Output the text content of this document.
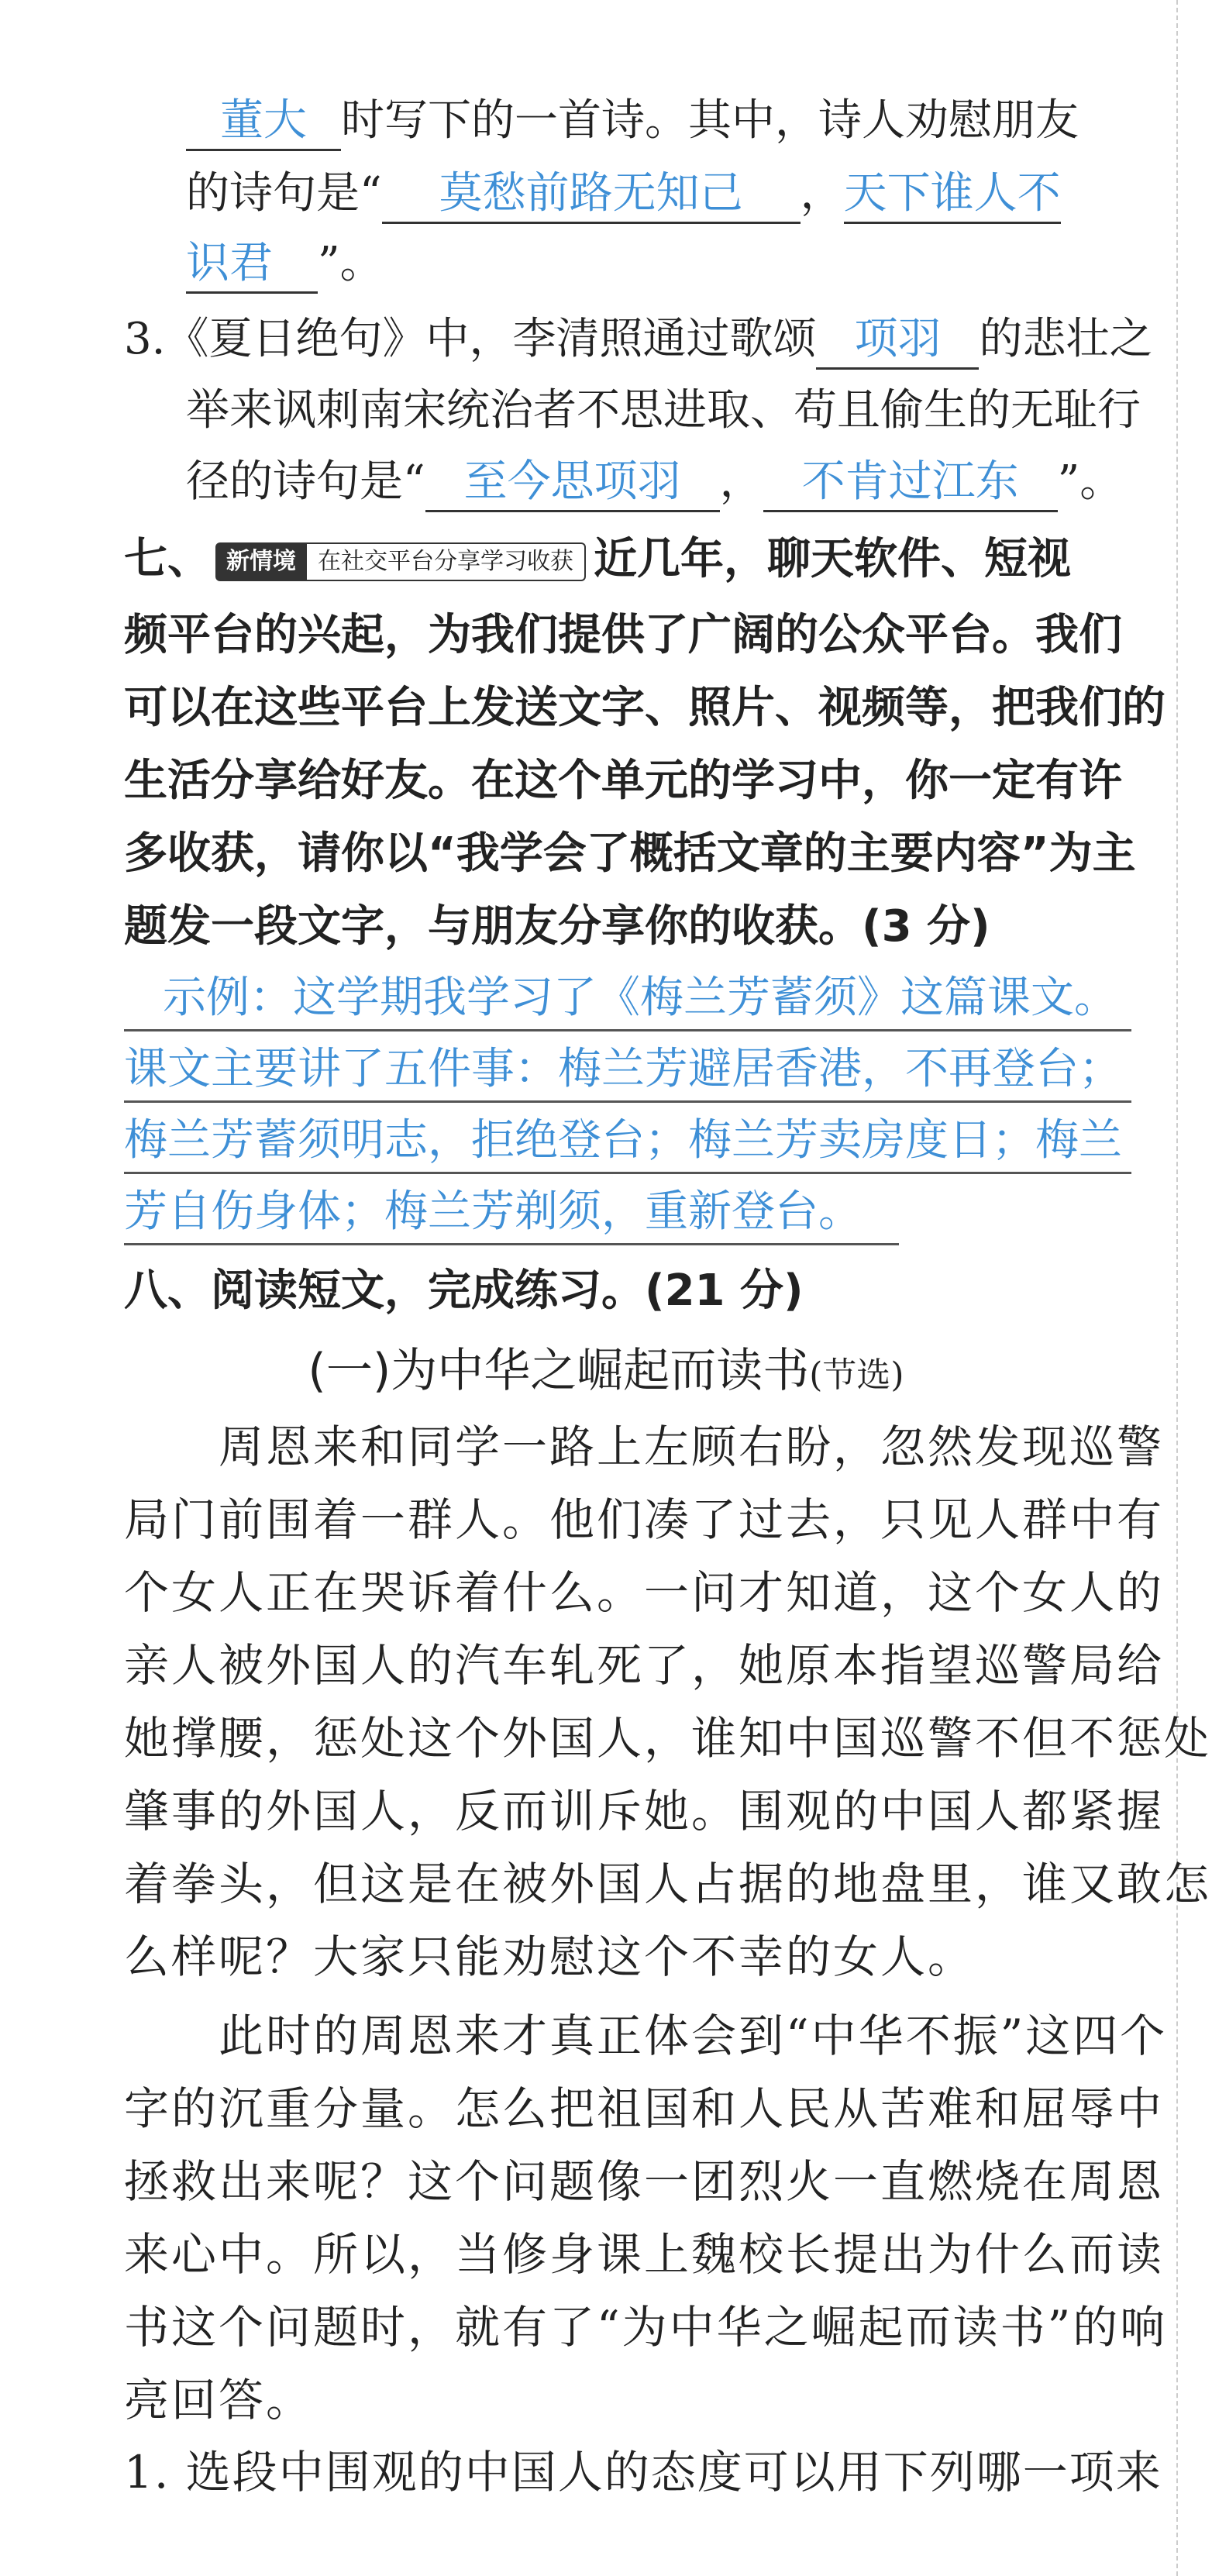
董大 时写下的一首诗。其中，诗人劝慰朋友
的诗句是“ 莫愁前路无知己 ，天下谁人不
识君 ”。
3.《夏日绝句》中，李清照通过歌颂 项羽 的悲壮之
举来讽刺南宋统治者不思进取、苟且偷生的无耻行
径的诗句是“ 至今思项羽 ， 不肯过江东 ”。
七、 新情境 在社交平台分享学习收获 近几年，聊天软件、短视
频平台的兴起，为我们提供了广阔的公众平台。我们
可以在这些平台上发送文字、照片、视频等，把我们的
生活分享给好友。在这个单元的学习中，你一定有许
多收获，请你以“我学会了概括文章的主要内容”为主
题发一段文字，与朋友分享你的收获。(3 分)
示例：这学期我学习了《梅兰芳蓄须》这篇课文。
课文主要讲了五件事：梅兰芳避居香港，不再登台；
梅兰芳蓄须明志，拒绝登台；梅兰芳卖房度日；梅兰
芳自伤身体；梅兰芳剃须，重新登台。
八、阅读短文，完成练习。(21 分)
(一)为中华之崛起而读书(节选)
　　周恩来和同学一路上左顾右盼，忽然发现巡警
局门前围着一群人。他们凑了过去，只见人群中有
个女人正在哭诉着什么。一问才知道，这个女人的
亲人被外国人的汽车轧死了，她原本指望巡警局给
她撑腰，惩处这个外国人，谁知中国巡警不但不惩处
肇事的外国人，反而训斥她。围观的中国人都紧握
着拳头，但这是在被外国人占据的地盘里，谁又敢怎
么样呢？大家只能劝慰这个不幸的女人。
　　此时的周恩来才真正体会到“中华不振”这四个
字的沉重分量。怎么把祖国和人民从苦难和屈辱中
拯救出来呢？这个问题像一团烈火一直燃烧在周恩
来心中。所以，当修身课上魏校长提出为什么而读
书这个问题时，就有了“为中华之崛起而读书”的响
亮回答。
1. 选段中围观的中国人的态度可以用下列哪一项来
